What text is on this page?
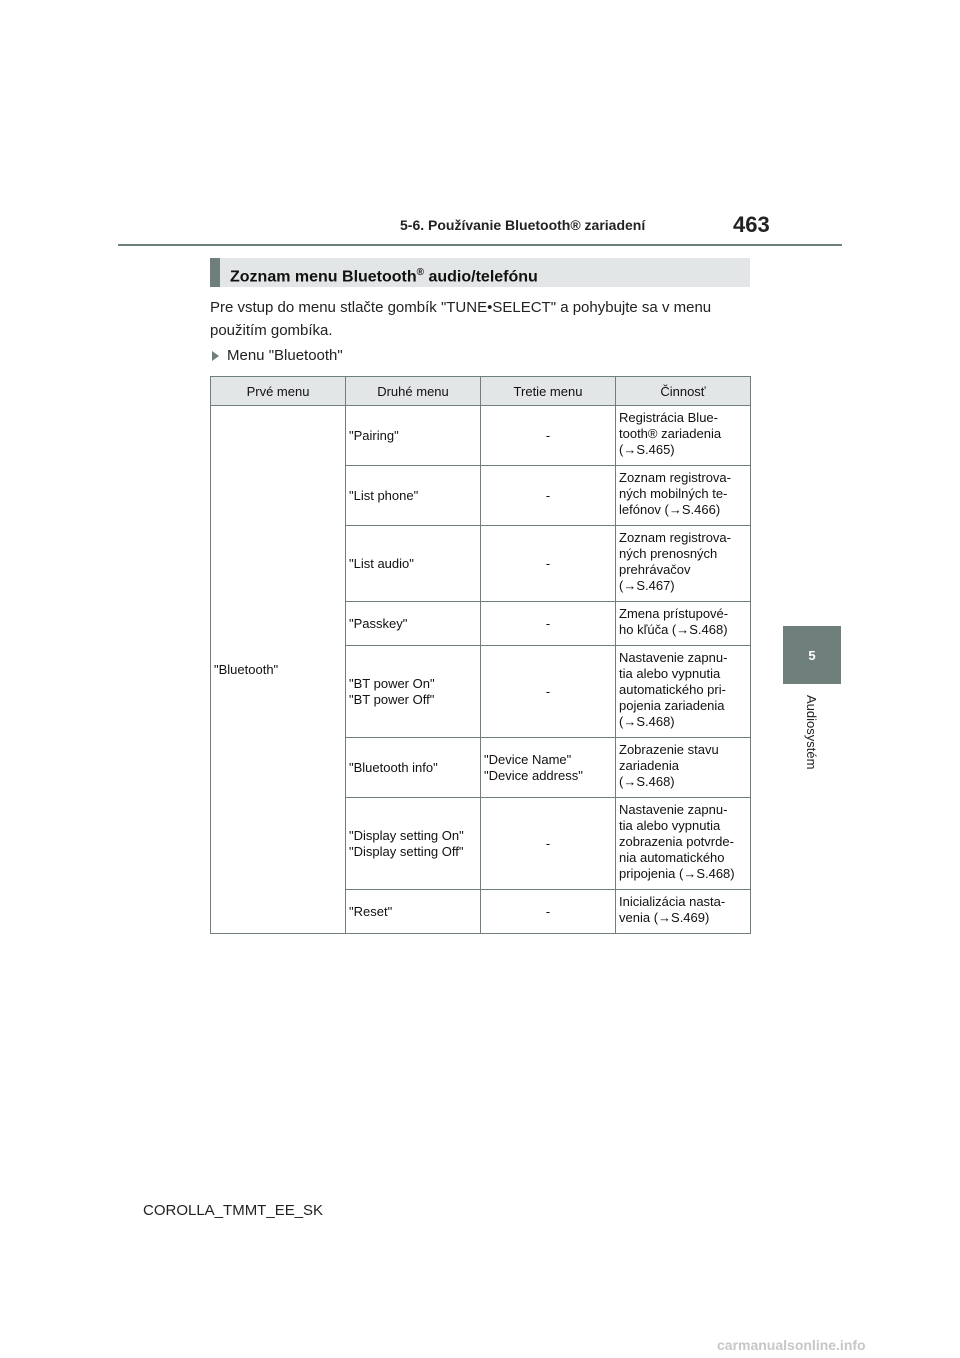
5-6. Používanie Bluetooth® zariadení	463
5
Audiosystém
Zoznam menu Bluetooth® audio/telefónu
Pre vstup do menu stlačte gombík "TUNE•SELECT" a pohybujte sa v menu použitím gombíka.
Menu "Bluetooth"
Prvé menu	Druhé menu	Tretie menu	Činnosť
"Bluetooth"	"Pairing"	-	Registrácia Blue-
tooth® zariadenia
(→S.465)
	"List phone"	-	Zoznam registrova-
ných mobilných te-
lefónov (→S.466)
	"List audio"	-	Zoznam registrova-
ných prenosných
prehrávačov
(→S.467)
	"Passkey"	-	Zmena prístupové-
ho kľúča (→S.468)
	"BT power On"
"BT power Off"	-	Nastavenie zapnu-
tia alebo vypnutia
automatického pri-
pojenia zariadenia
(→S.468)
	"Bluetooth info"	"Device Name"
"Device address"	Zobrazenie stavu
zariadenia
(→S.468)
	"Display setting On"
"Display setting Off"	-	Nastavenie zapnu-
tia alebo vypnutia
zobrazenia potvrde-
nia automatického
pripojenia (→S.468)
	"Reset"	-	Inicializácia nasta-
venia (→S.469)
COROLLA_TMMT_EE_SK
carmanualsonline.info
